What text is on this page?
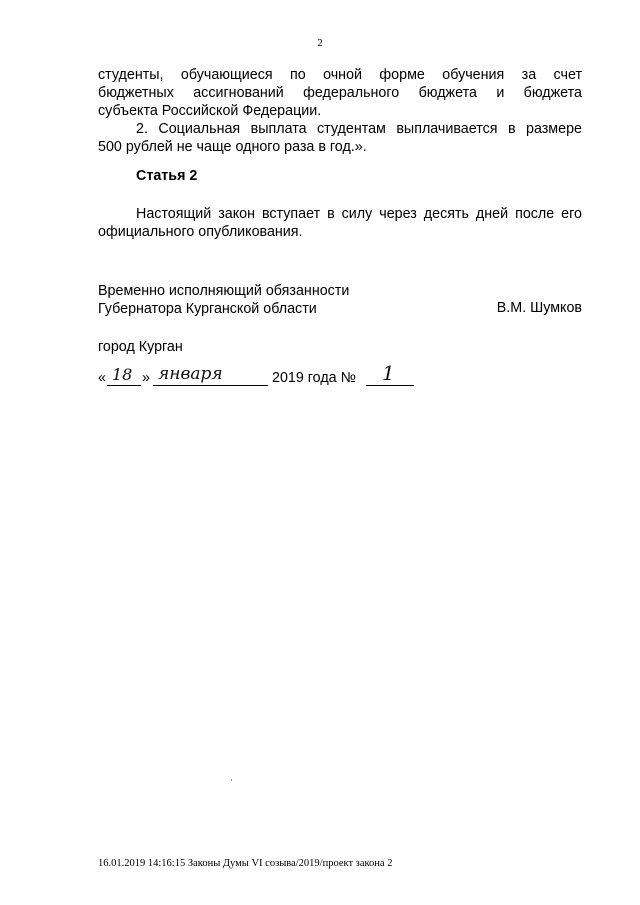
2
студенты, обучающиеся по очной форме обучения за счет
бюджетных ассигнований федерального бюджета и бюджета
субъекта Российской Федерации.
2. Социальная выплата студентам выплачивается в размере
500 рублей не чаще одного раза в год.».
Статья 2
Настоящий закон вступает в силу через десять дней после его
официального опубликования.
Временно исполняющий обязанности
Губернатора Курганской области	В.М. Шумков
город Курган
« 18 » января	2019 года № 1
16.01.2019 14:16:15 Законы Думы VI созыва/2019/проект закона 2
